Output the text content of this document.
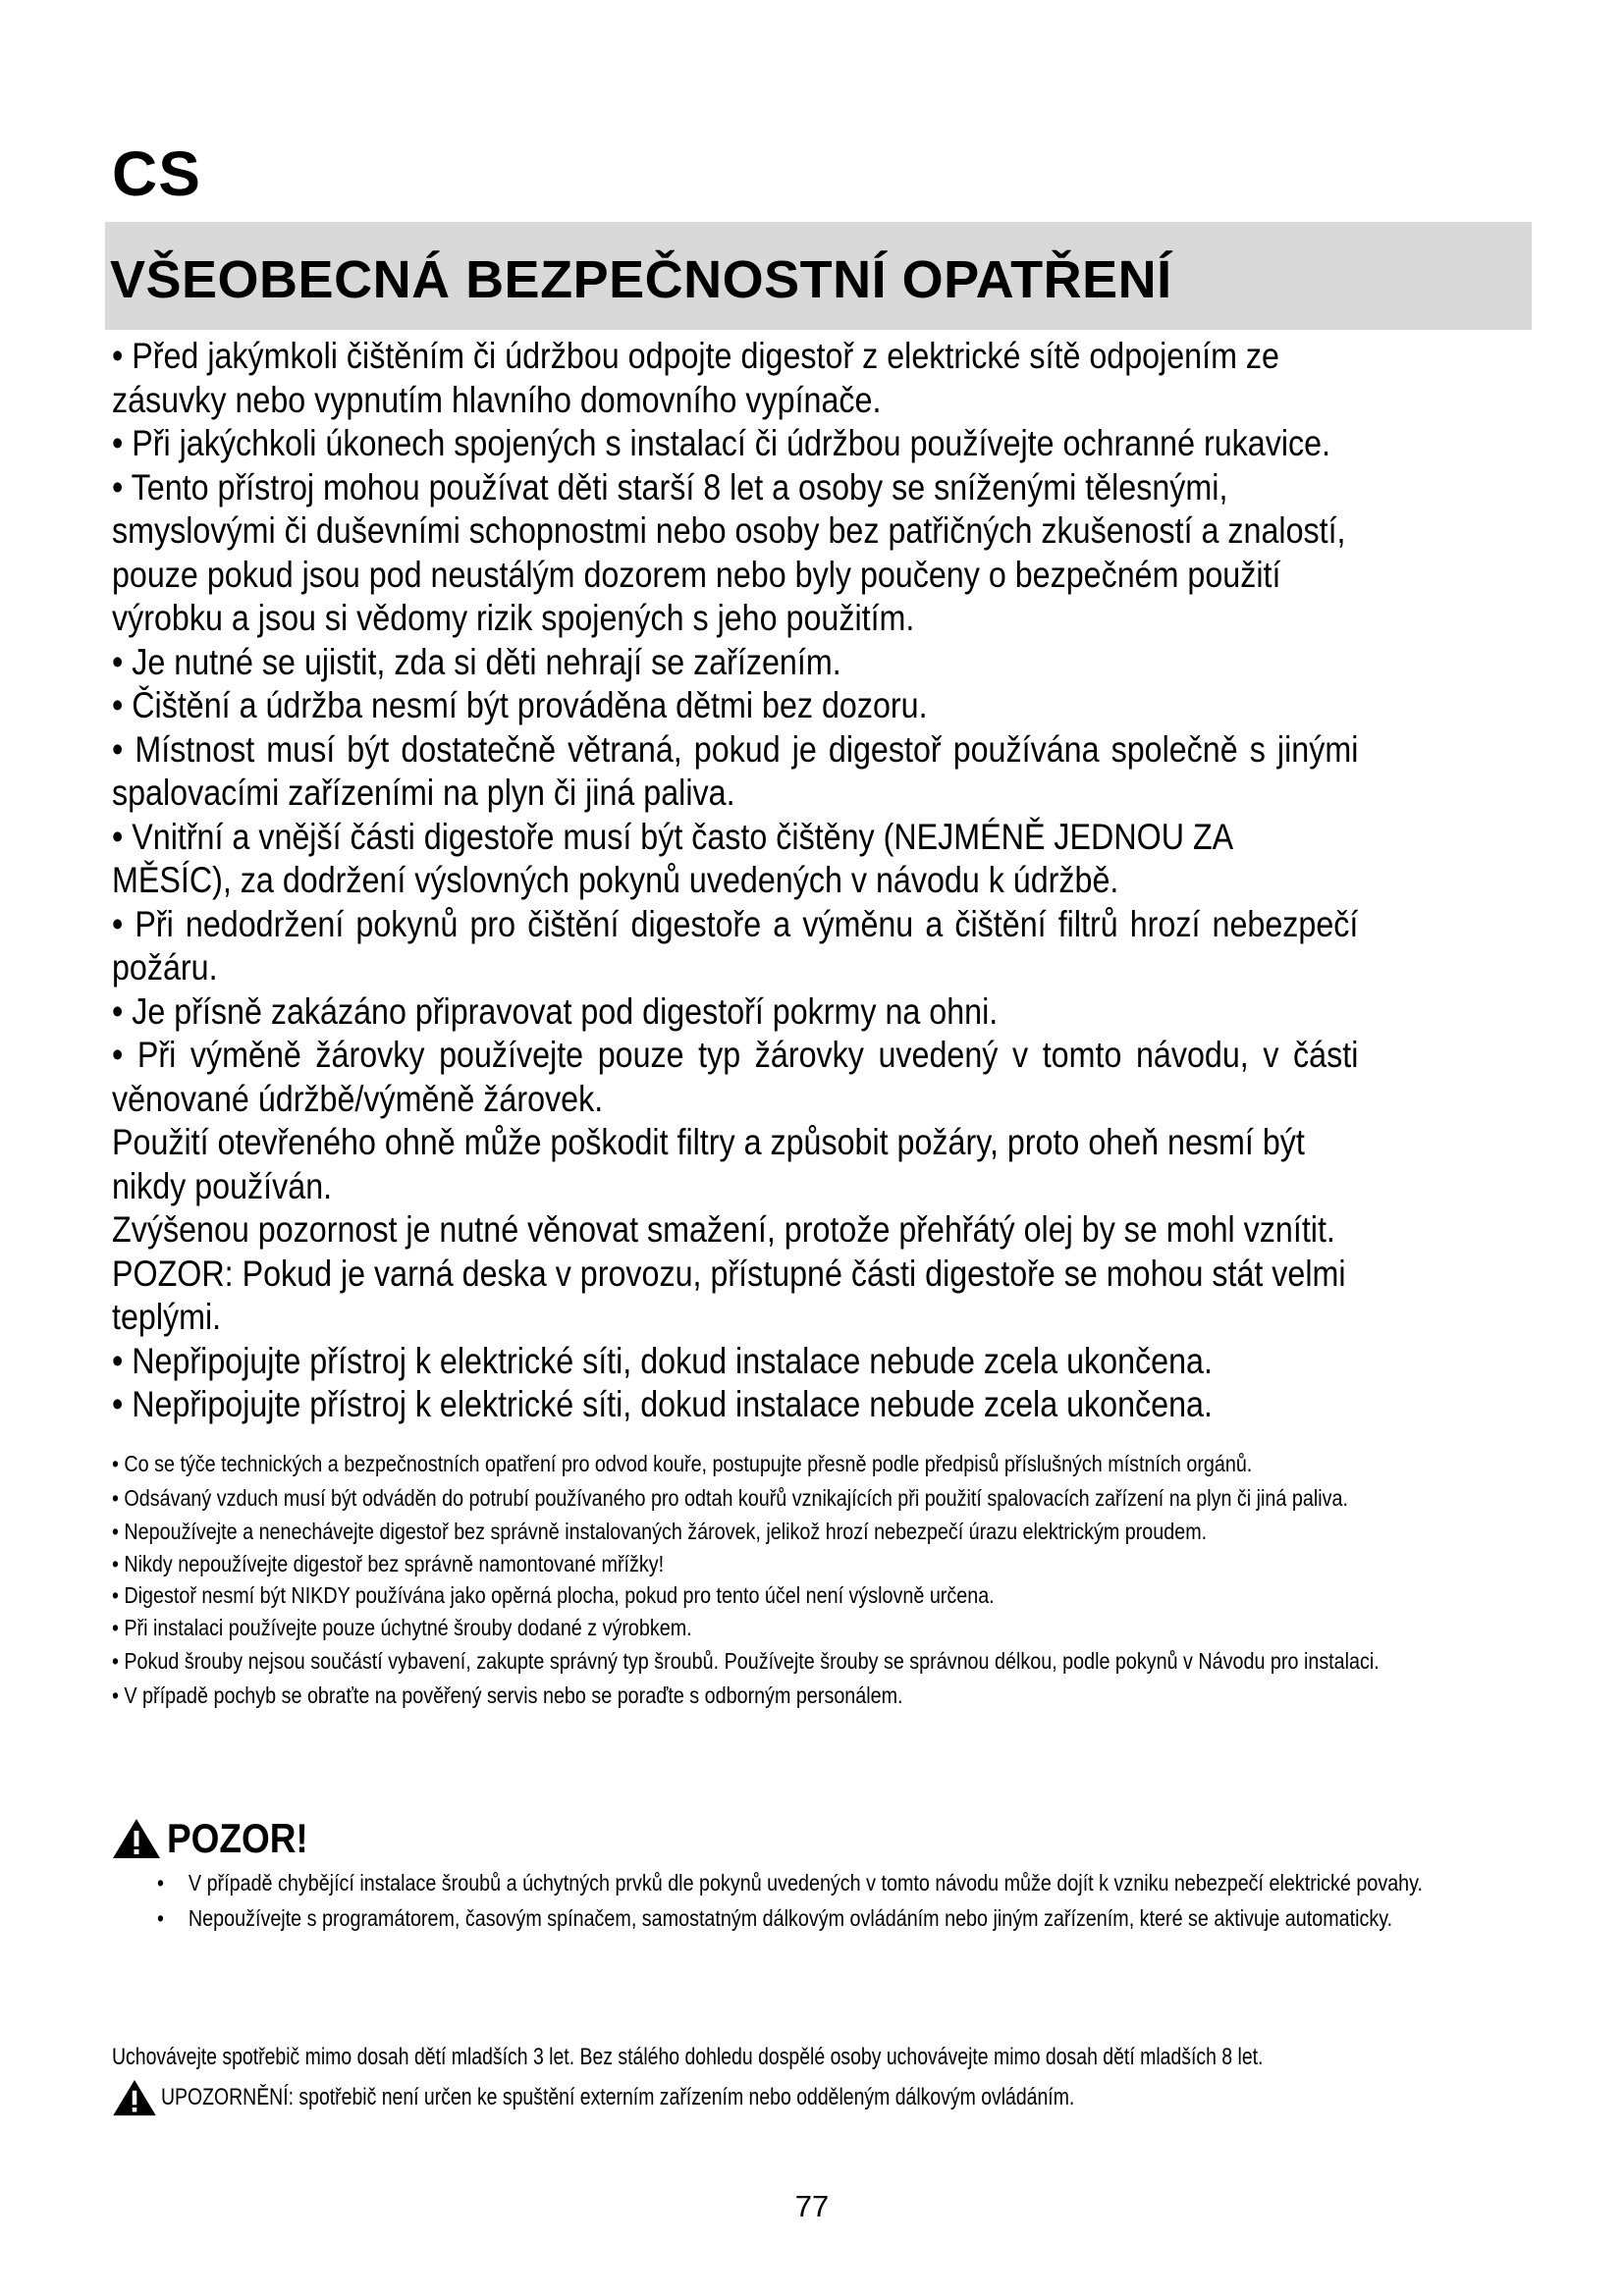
CS
VŠEOBECNÁ BEZPEČNOSTNÍ OPATŘENÍ

• Před jakýmkoli čištěním či údržbou odpojte digestoř z elektrické sítě odpojením ze zásuvky nebo vypnutím hlavního domovního vypínače.

• Při jakýchkoli úkonech spojených s instalací či údržbou používejte ochranné rukavice.

• Tento přístroj mohou používat děti starší 8 let a osoby se sníženými tělesnými, smyslovými či duševními schopnostmi nebo osoby bez patřičných zkušeností a znalostí, pouze pokud jsou pod neustálým dozorem nebo byly poučeny o bezpečném použití výrobku a jsou si vědomy rizik spojených s jeho použitím.

• Je nutné se ujistit, zda si děti nehrají se zařízením.

• Čištění a údržba nesmí být prováděna dětmi bez dozoru.

• Místnost musí být dostatečně větraná, pokud je digestoř používána společně s jinými spalovacími zařízeními na plyn či jiná paliva.

• Vnitřní a vnější části digestoře musí být často čištěny (NEJMÉNĚ JEDNOU ZA MĚSÍC), za dodržení výslovných pokynů uvedených v návodu k údržbě.

• Při nedodržení pokynů pro čištění digestoře a výměnu a čištění filtrů hrozí nebezpečí požáru.

• Je přísně zakázáno připravovat pod digestoří pokrmy na ohni.

• Při výměně žárovky používejte pouze typ žárovky uvedený v tomto návodu, v části věnované údržbě/výměně žárovek.

Použití otevřeného ohně může poškodit filtry a způsobit požáry, proto oheň nesmí být nikdy používán.

Zvýšenou pozornost je nutné věnovat smažení, protože přehřátý olej by se mohl vznítit.

POZOR: Pokud je varná deska v provozu, přístupné části digestoře se mohou stát velmi teplými.

• Nepřipojujte přístroj k elektrické síti, dokud instalace nebude zcela ukončena.

• Nepřipojujte přístroj k elektrické síti, dokud instalace nebude zcela ukončena.

• Co se týče technických a bezpečnostních opatření pro odvod kouře, postupujte přesně podle předpisů příslušných místních orgánů.

• Odsávaný vzduch musí být odváděn do potrubí používaného pro odtah kouřů vznikajících při použití spalovacích zařízení na plyn či jiná paliva.

• Nepoužívejte a nenechávejte digestoř bez správně instalovaných žárovek, jelikož hrozí nebezpečí úrazu elektrickým proudem.

• Nikdy nepoužívejte digestoř bez správně namontované mřížky!

• Digestoř nesmí být NIKDY používána jako opěrná plocha, pokud pro tento účel není výslovně určena.

• Při instalaci používejte pouze úchytné šrouby dodané z výrobkem.

• Pokud šrouby nejsou součástí vybavení, zakupte správný typ šroubů. Používejte šrouby se správnou délkou, podle pokynů v Návodu pro instalaci.

• V případě pochyb se obraťte na pověřený servis nebo se poraďte s odborným personálem.

POZOR!
• V případě chybějící instalace šroubů a úchytných prvků dle pokynů uvedených v tomto návodu může dojít k vzniku nebezpečí elektrické povahy.
• Nepoužívejte s programátorem, časovým spínačem, samostatným dálkovým ovládáním nebo jiným zařízením, které se aktivuje automaticky.
Uchovávejte spotřebič mimo dosah dětí mladších 3 let. Bez stálého dohledu dospělé osoby uchovávejte mimo dosah dětí mladších 8 let.
UPOZORNĚNÍ: spotřebič není určen ke spuštění externím zařízením nebo odděleným dálkovým ovládáním.
77
